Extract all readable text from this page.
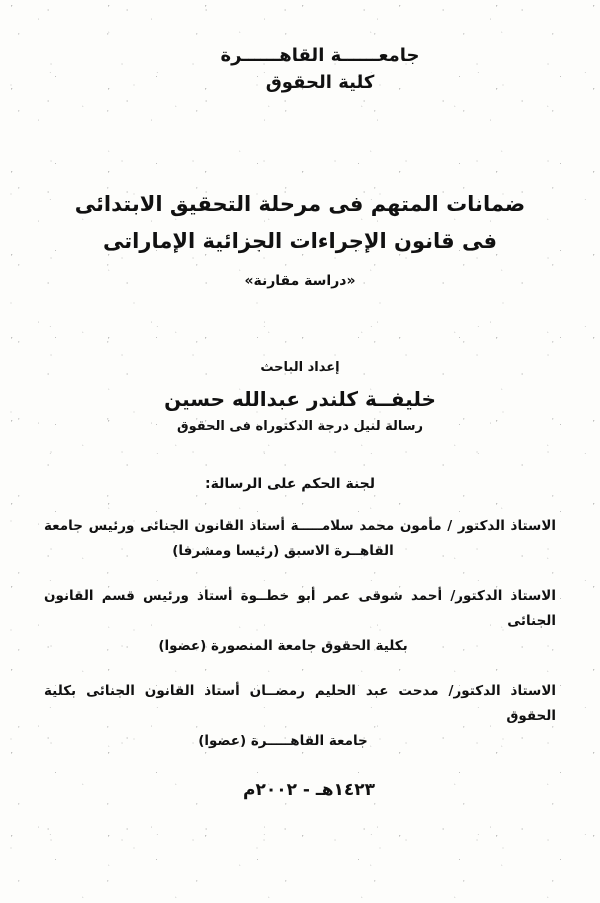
جامعــــــة القاهــــــرة
كلية الحقوق
ضمانات المتهم فى مرحلة التحقيق الابتدائى
فى قانون الإجراءات الجزائية الإماراتى
«دراسة مقارنة»
إعداد الباحث
خليفــة كلندر عبدالله حسين
رسالة لنيل درجة الدكتوراه فى الحقوق
لجنة الحكم على الرسالة:
الاستاذ الدكتور / مأمون محمد سلامـــــة أستاذ القانون الجنائى ورئيس جامعة
القاهــرة الاسبق (رئيسا ومشرفا)
الاستاذ الدكتور/ أحمد شوقى عمر أبو خطــوة أستاذ ورئيس قسم القانون الجنائى
بكلية الحقوق جامعة المنصورة (عضوا)
الاستاذ الدكتور/ مدحت عبد الحليم رمضــان أستاذ القانون الجنائى بكلية الحقوق
جامعة القاهـــــرة (عضوا)
١٤٢٣هـ - ٢٠٠٢م
